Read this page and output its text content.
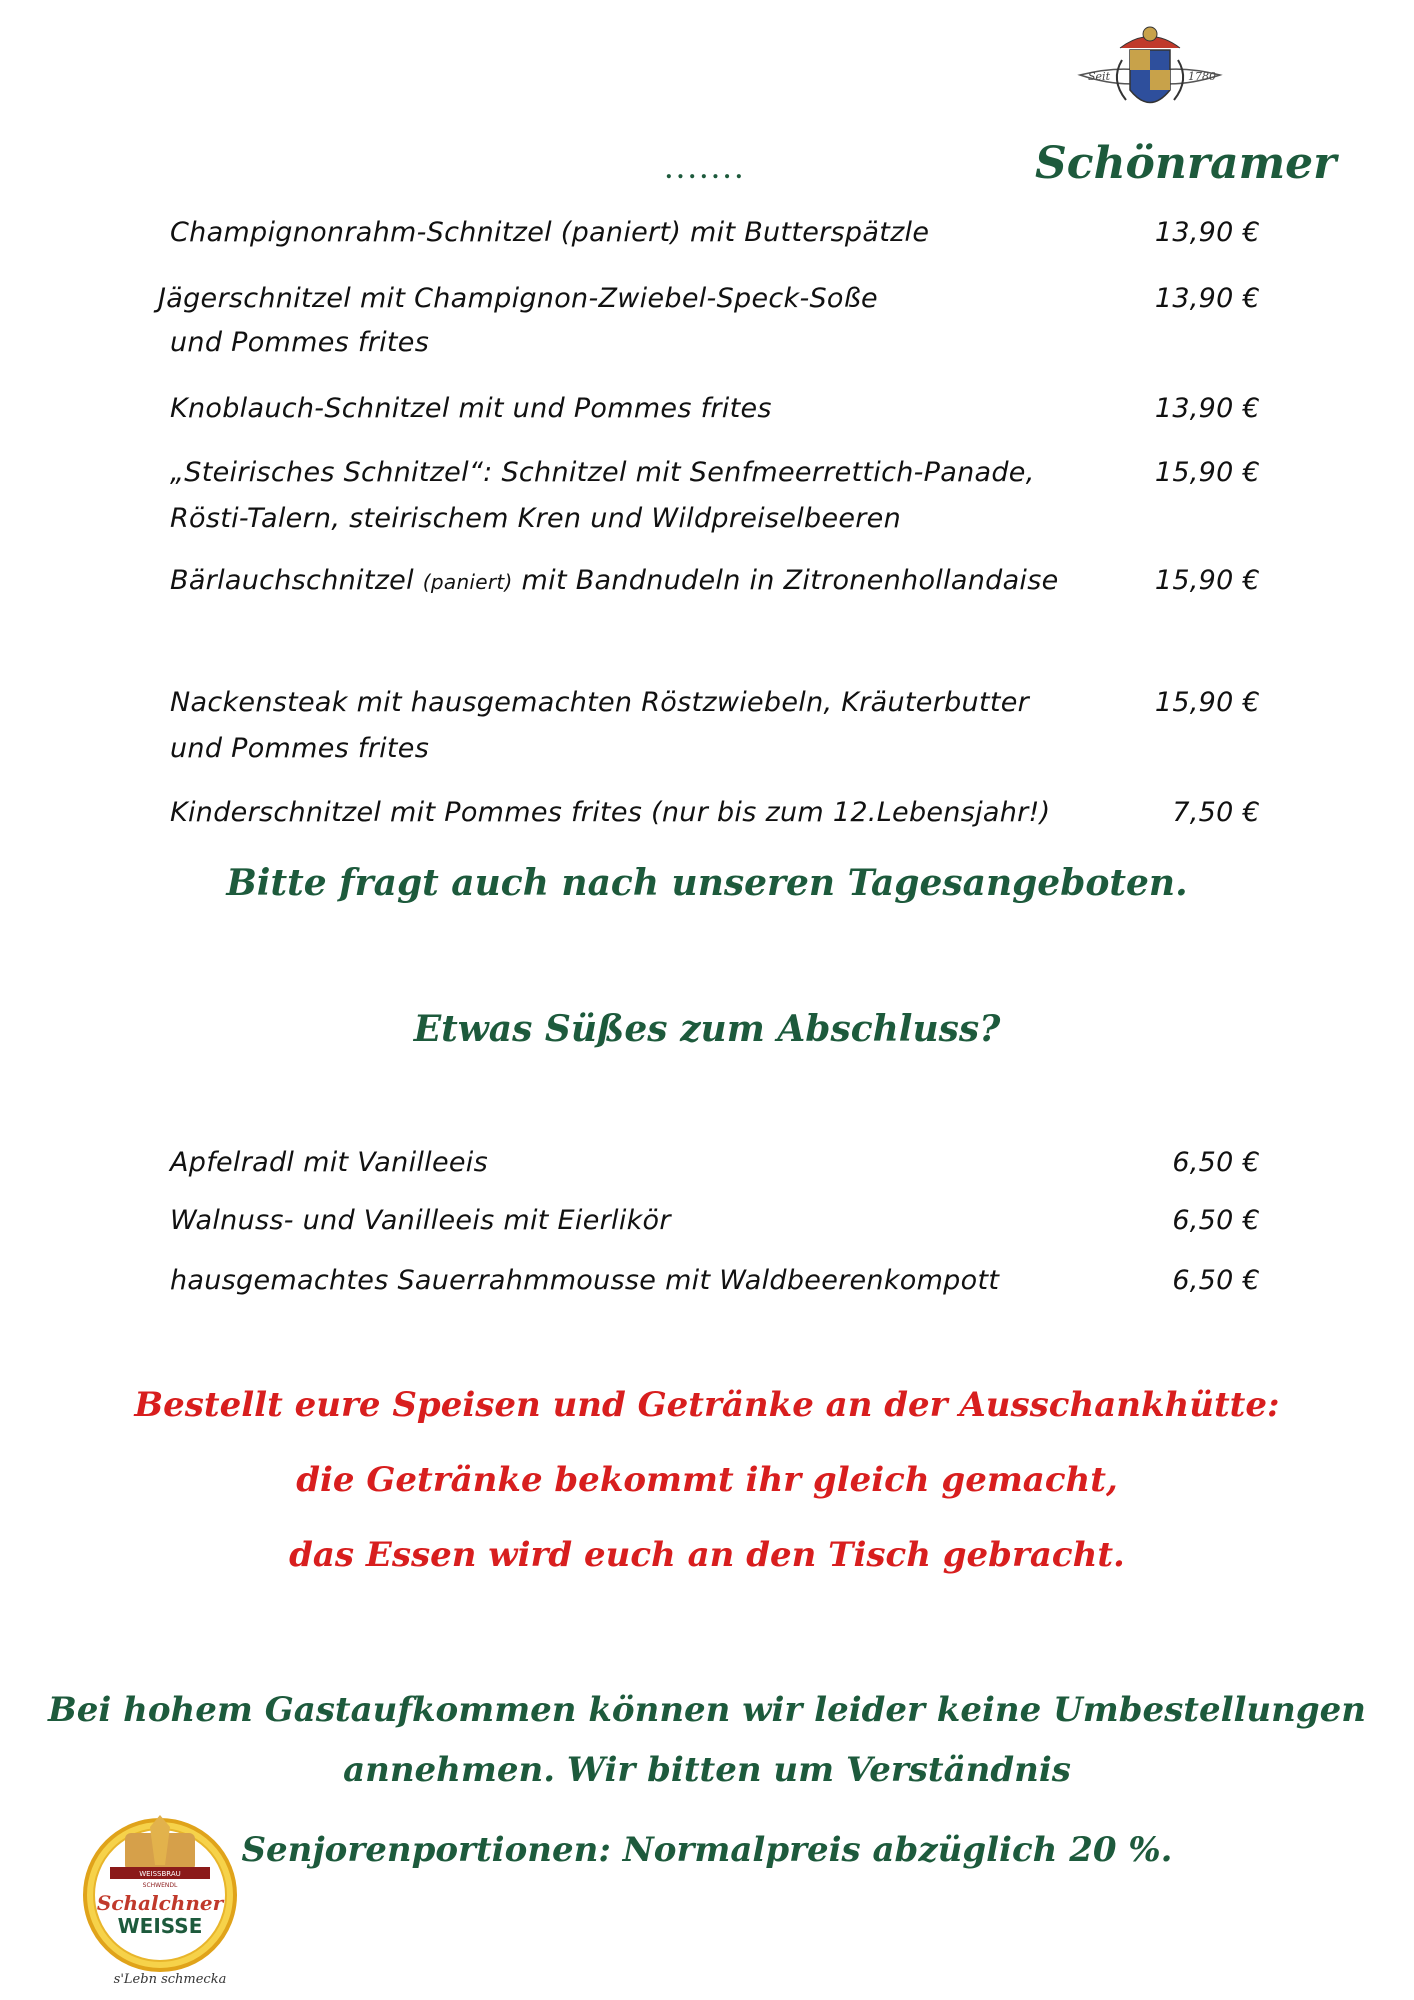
.......
Seit	1780
Schönramer
Champignonrahm-Schnitzel (paniert) mit Butterspätzle	13,90 €
Jägerschnitzel mit Champignon-Zwiebel-Speck-Soße
und Pommes frites
13,90 €
Knoblauch-Schnitzel mit und Pommes frites	13,90 €
„Steirisches Schnitzel“: Schnitzel mit Senfmeerrettich-Panade,
Rösti-Talern, steirischem Kren und Wildpreiselbeeren
15,90 €
Bärlauchschnitzel (paniert) mit Bandnudeln in Zitronenhollandaise	15,90 €
Nackensteak mit hausgemachten Röstzwiebeln, Kräuterbutter
und Pommes frites
15,90 €
Kinderschnitzel mit Pommes frites (nur bis zum 12.Lebensjahr!)	7,50 €
Bitte fragt auch nach unseren Tagesangeboten.
Etwas Süßes zum Abschluss?
Apfelradl mit Vanilleeis	6,50 €
Walnuss- und Vanilleeis mit Eierlikör	6,50 €
hausgemachtes Sauerrahmmousse mit Waldbeerenkompott	6,50 €
Bestellt eure Speisen und Getränke an der Ausschankhütte:
die Getränke bekommt ihr gleich gemacht,
das Essen wird euch an den Tisch gebracht.
Bei hohem Gastaufkommen können wir leider keine Umbestellungen
annehmen. Wir bitten um Verständnis
Senjorenportionen: Normalpreis abzüglich 20 %.
WEISSBRAU
SCHWENDL
Schalchner
WEISSE
s'Lebn schmecka
